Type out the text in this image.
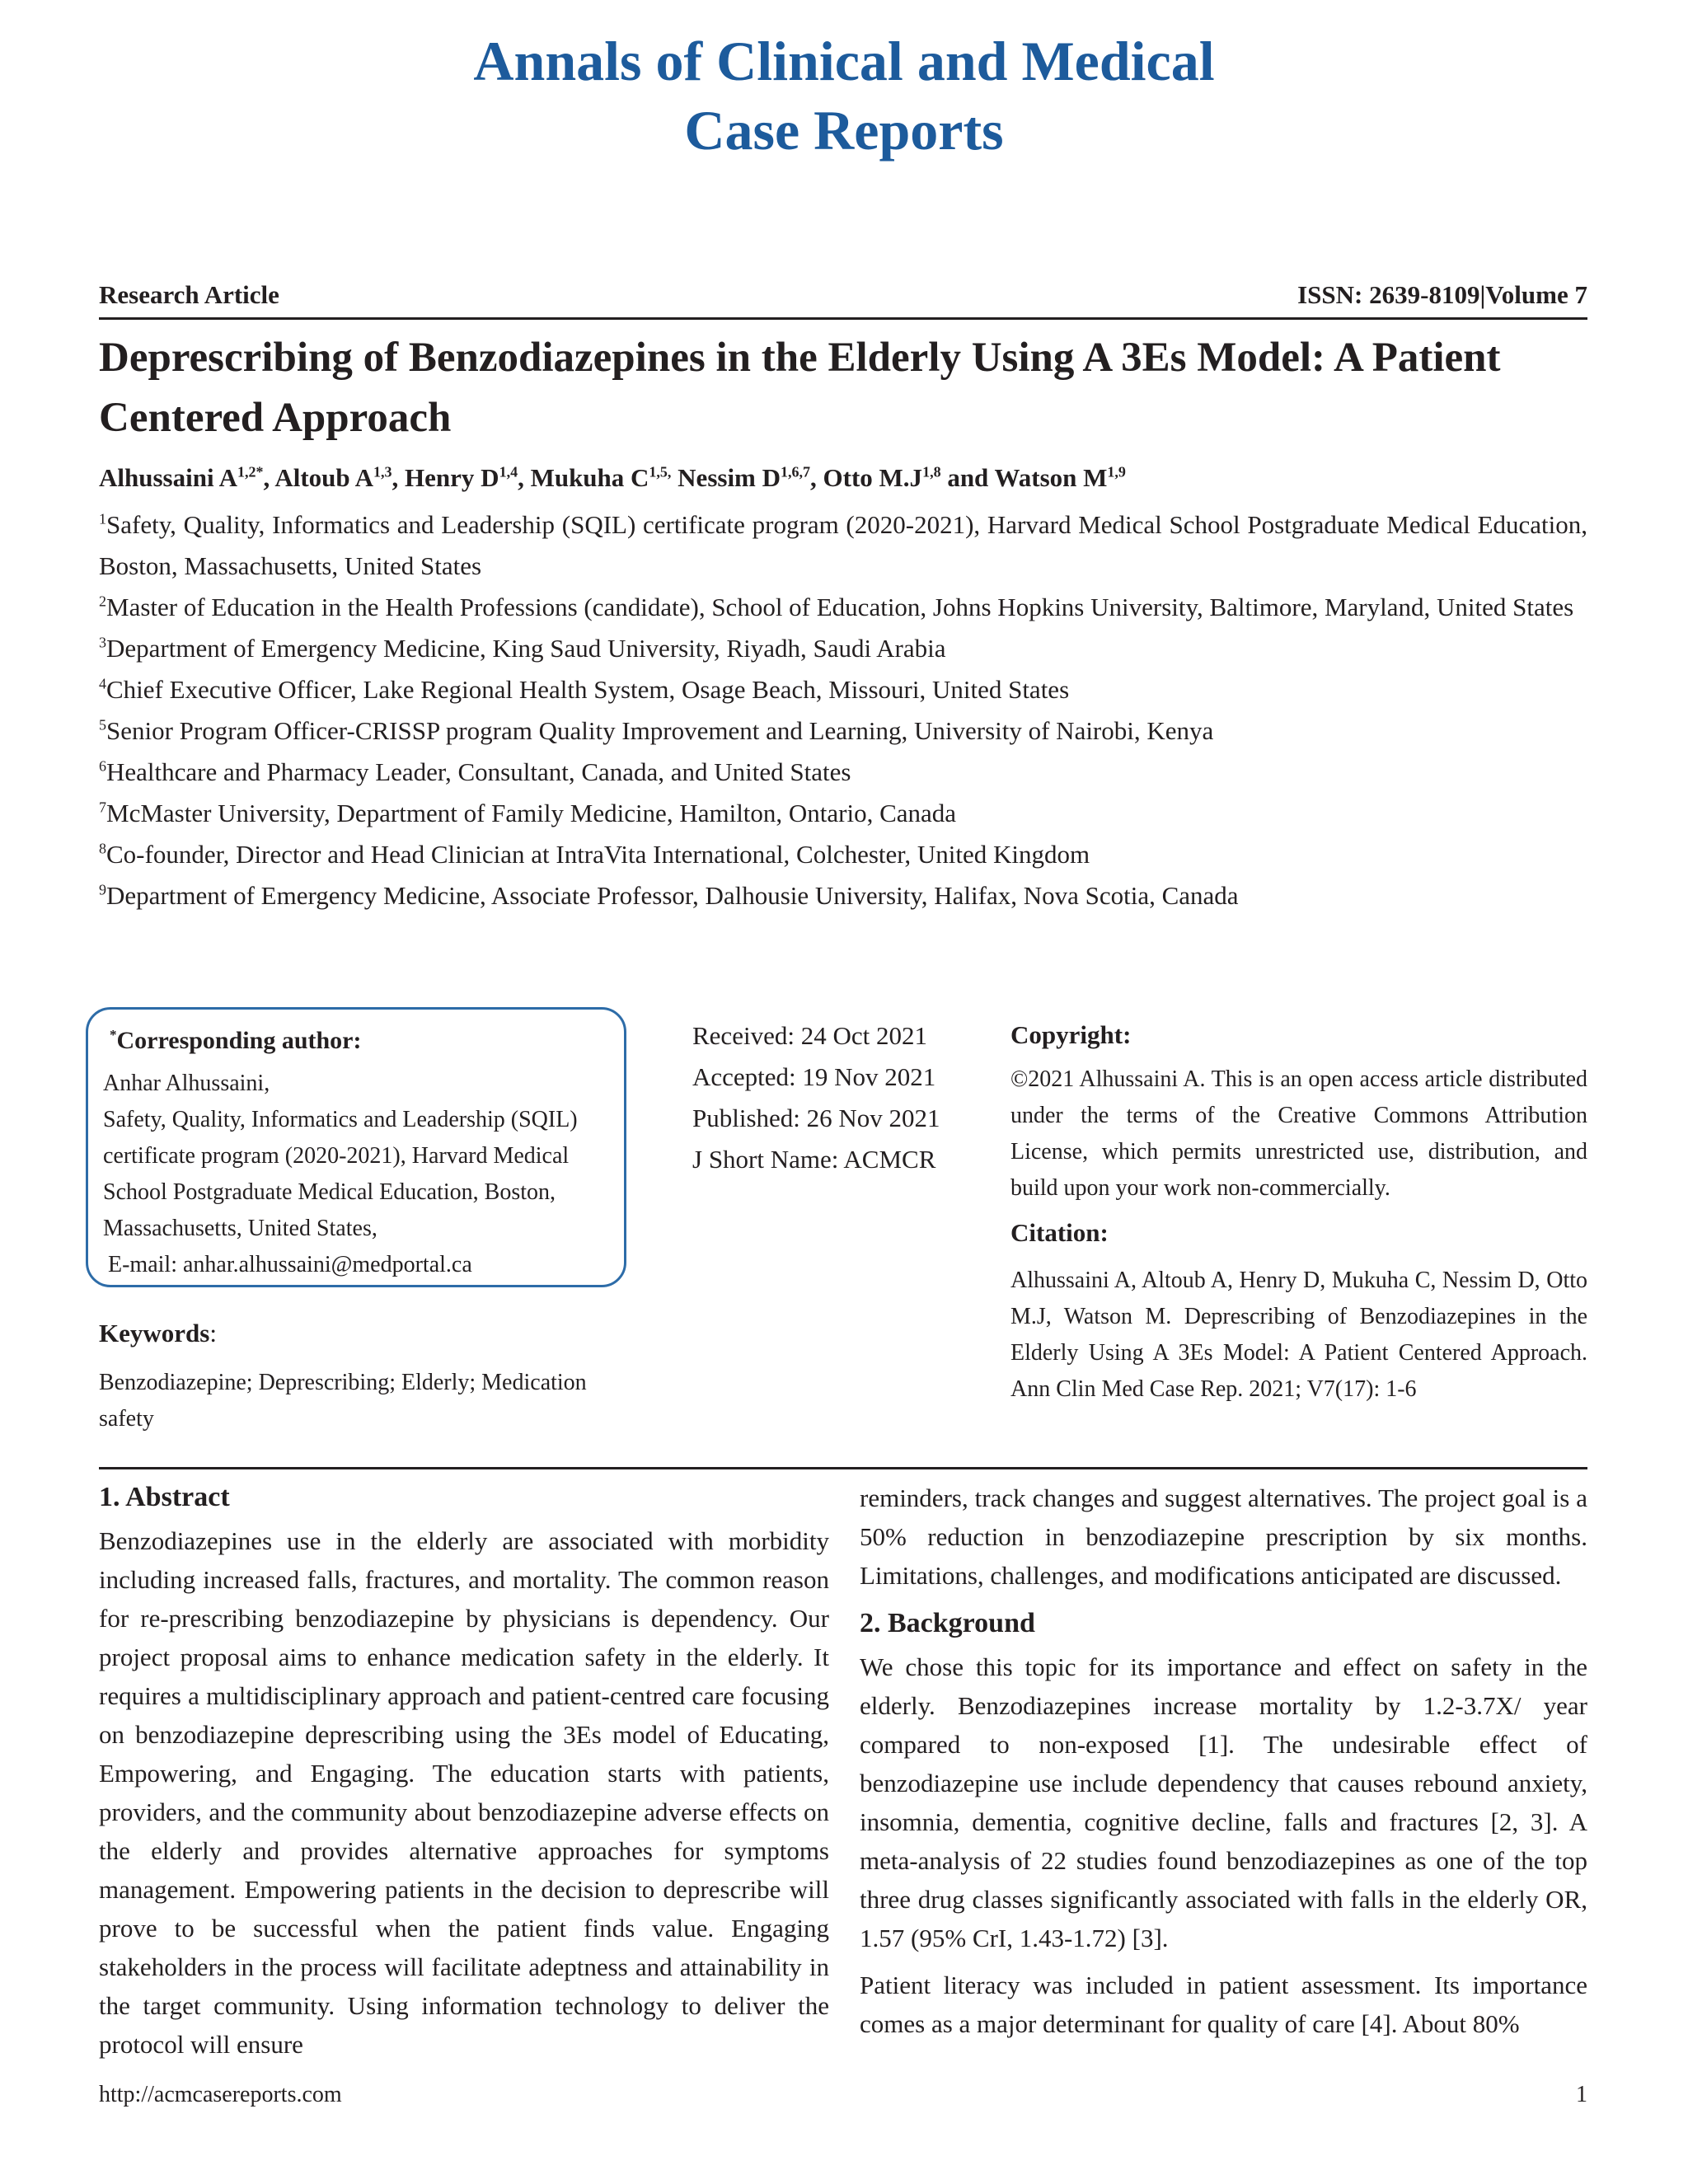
Annals of Clinical and Medical
Case Reports
Research Article	ISSN: 2639-8109|Volume 7
Deprescribing of Benzodiazepines in the Elderly Using A 3Es Model: A Patient Centered Approach
Alhussaini $A^{1,2*}$, Altoub A$^{1,3}$, Henry D$^{1,4}$, Mukuha $C^{1,5,}$ Nessim D$^{1,6,7}$, Otto $M.J^{1,8}$ and Watson M$^{1,9}$
$^1$Safety, Quality, Informatics and Leadership (SQIL) certificate program (2020-2021), Harvard Medical School Postgraduate Medical Education, Boston, Massachusetts, United States
$^2$Master of Education in the Health Professions (candidate), School of Education, Johns Hopkins University, Baltimore, Maryland, United States
$^3$Department of Emergency Medicine, King Saud University, Riyadh, Saudi Arabia
$^4$Chief Executive Officer, Lake Regional Health System, Osage Beach, Missouri, United States
$^5$Senior Program Officer-CRISSP program Quality Improvement and Learning, University of Nairobi, Kenya
$^6$Healthcare and Pharmacy Leader, Consultant, Canada, and United States
$^7$McMaster University, Department of Family Medicine, Hamilton, Ontario, Canada
$^8$Co-founder, Director and Head Clinician at IntraVita International, Colchester, United Kingdom
$^9$Department of Emergency Medicine, Associate Professor, Dalhousie University, Halifax, Nova Scotia, Canada
*Corresponding author:
Anhar Alhussaini,
Safety, Quality, Informatics and Leadership (SQIL)
certificate program (2020-2021), Harvard Medical
School Postgraduate Medical Education, Boston,
Massachusetts, United States,
E-mail: anhar.alhussaini@medportal.ca
Keywords:
Benzodiazepine; Deprescribing; Elderly; Medication safety
Received: 24 Oct 2021
Accepted: 19 Nov 2021
Published: 26 Nov 2021
J Short Name: ACMCR
Copyright:
©2021 Alhussaini A. This is an open access article distributed under the terms of the Creative Commons Attribution License, which permits unrestricted use, distribution, and build upon your work non-commercially.
Citation:
Alhussaini A, Altoub A, Henry D, Mukuha C, Nessim D, Otto M.J, Watson M. Deprescribing of Benzodiazepines in the Elderly Using A 3Es Model: A Patient Centered Approach. Ann Clin Med Case Rep. 2021; V7(17): 1-6
1. Abstract
Benzodiazepines use in the elderly are associated with morbidity including increased falls, fractures, and mortality. The common reason for re-prescribing benzodiazepine by physicians is dependency. Our project proposal aims to enhance medication safety in the elderly. It requires a multidisciplinary approach and patient-centred care focusing on benzodiazepine deprescribing using the 3Es model of Educating, Empowering, and Engaging. The education starts with patients, providers, and the community about benzodiazepine adverse effects on the elderly and provides alternative approaches for symptoms management. Empowering patients in the decision to deprescribe will prove to be successful when the patient finds value. Engaging stakeholders in the process will facilitate adeptness and attainability in the target community. Using information technology to deliver the protocol will ensure
reminders, track changes and suggest alternatives. The project goal is a 50% reduction in benzodiazepine prescription by six months. Limitations, challenges, and modifications anticipated are discussed.
2. Background
We chose this topic for its importance and effect on safety in the elderly. Benzodiazepines increase mortality by 1.2-3.7X/ year compared to non-exposed [1]. The undesirable effect of benzodiazepine use include dependency that causes rebound anxiety, insomnia, dementia, cognitive decline, falls and fractures [2, 3]. A meta-analysis of 22 studies found benzodiazepines as one of the top three drug classes significantly associated with falls in the elderly OR, 1.57 (95% CrI, 1.43-1.72) [3].
Patient literacy was included in patient assessment. Its importance comes as a major determinant for quality of care [4]. About 80%
http://acmcasereports.com	1
